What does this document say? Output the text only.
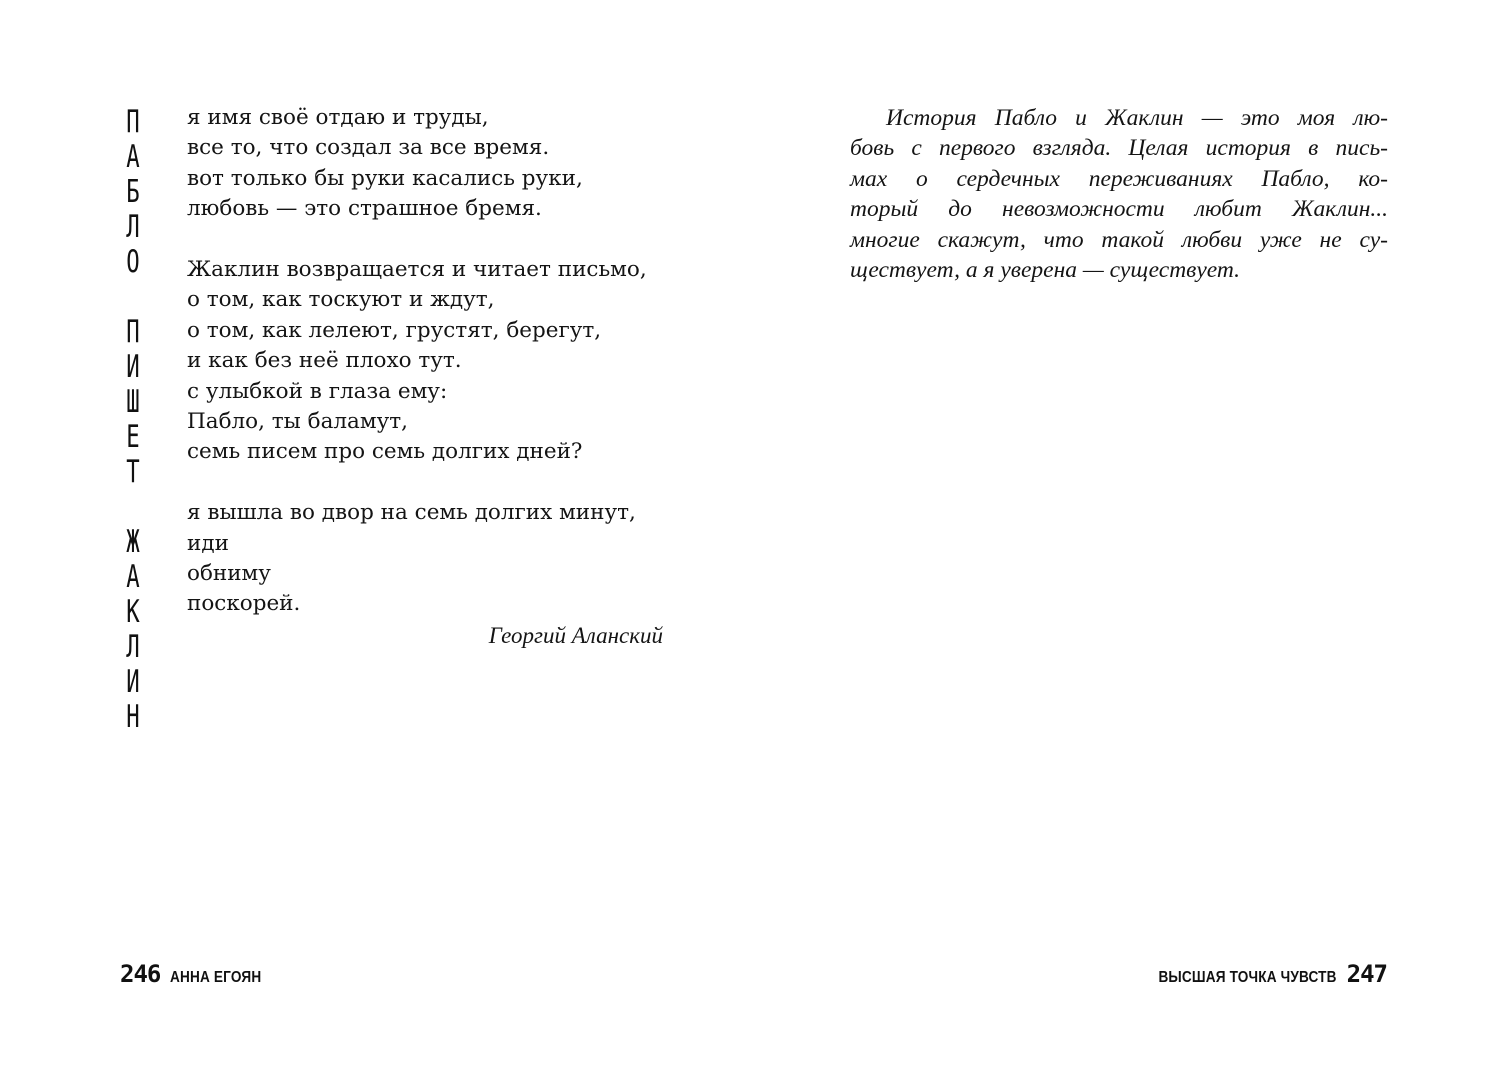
П
А
Б
Л
О
П
И
Ш
Е
Т
Ж
А
К
Л
И
Н
я имя своё отдаю и труды,
все то, что создал за все время.
вот только бы руки касались руки,
любовь — это страшное бремя.
Жаклин возвращается и читает письмо,
о том, как тоскуют и ждут,
о том, как лелеют, грустят, берегут,
и как без неё плохо тут.
с улыбкой в глаза ему:
Пабло, ты баламут,
семь писем про семь долгих дней?
я вышла во двор на семь долгих минут,
иди
обниму
поскорей.
Георгий Аланский
246 АННА ЕГОЯН
История Пабло и Жаклин — это моя лю-
бовь с первого взгляда. Целая история в пись-
мах о сердечных переживаниях Пабло, ко-
торый до невозможности любит Жаклин...
многие скажут, что такой любви уже не су-
ществует, а я уверена — существует.
ВЫСШАЯ ТОЧКА ЧУВСТВ 247
